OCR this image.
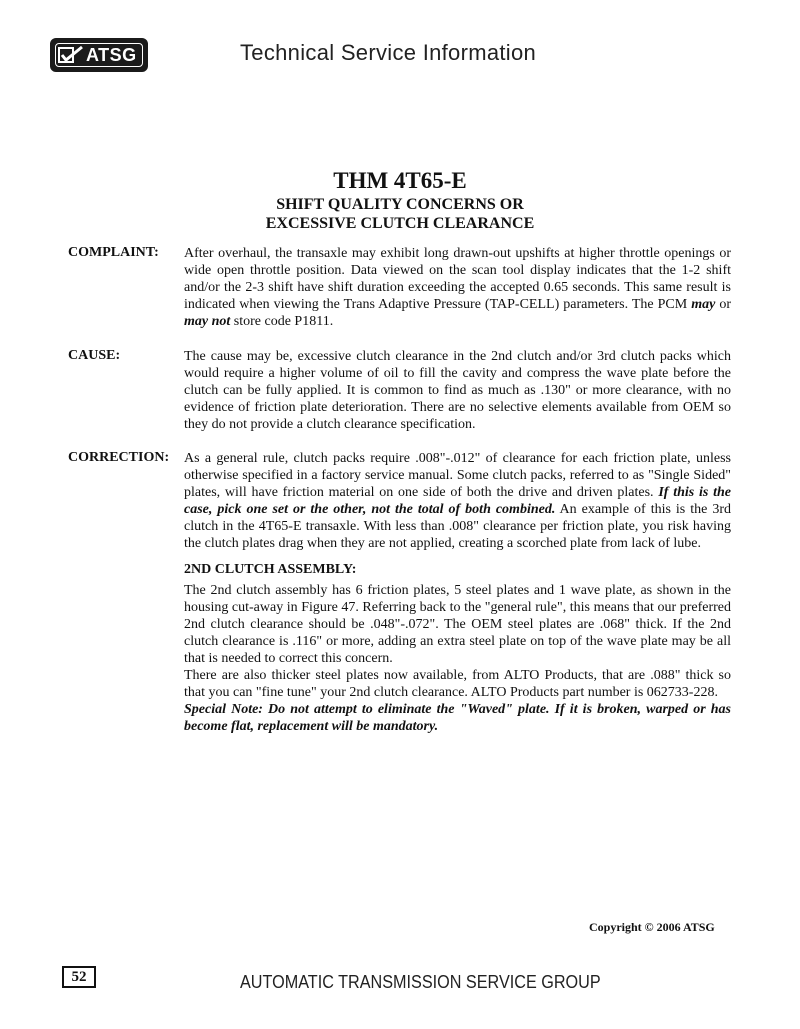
ATSG	Technical Service Information
THM 4T65-E
SHIFT QUALITY CONCERNS OR
EXCESSIVE CLUTCH CLEARANCE
COMPLAINT: After overhaul, the transaxle may exhibit long drawn-out upshifts at higher throttle openings or wide open throttle position. Data viewed on the scan tool display indicates that the 1-2 shift and/or the 2-3 shift have shift duration exceeding the accepted 0.65 seconds. This same result is indicated when viewing the Trans Adaptive Pressure (TAP-CELL) parameters. The PCM may or may not store code P1811.

CAUSE:	The cause may be, excessive clutch clearance in the 2nd clutch and/or 3rd clutch packs which would require a higher volume of oil to fill the cavity and compress the wave plate before the clutch can be fully applied. It is common to find as much as .130" or more clearance, with no evidence of friction plate deterioration. There are no selective elements available from OEM so they do not provide a clutch clearance specification.

CORRECTION: As a general rule, clutch packs require .008"-.012" of clearance for each friction plate, unless otherwise specified in a factory service manual. Some clutch packs, referred to as "Single Sided" plates, will have friction material on one side of both the drive and driven plates. If this is the case, pick one set or the other, not the total of both combined. An example of this is the 3rd clutch in the 4T65-E transaxle. With less than .008" clearance per friction plate, you risk having the clutch plates drag when they are not applied, creating a scorched plate from lack of lube.

2ND CLUTCH ASSEMBLY:

The 2nd clutch assembly has 6 friction plates, 5 steel plates and 1 wave plate, as shown in the housing cut-away in Figure 47. Referring back to the "general rule", this means that our preferred 2nd clutch clearance should be .048"-.072". The OEM steel plates are .068" thick. If the 2nd clutch clearance is .116" or more, adding an extra steel plate on top of the wave plate may be all that is needed to correct this concern.

There are also thicker steel plates now available, from ALTO Products, that are .088" thick so that you can "fine tune" your 2nd clutch clearance. ALTO Products part number is 062733-228.

Special Note: Do not attempt to eliminate the "Waved" plate. If it is broken, warped or has become flat, replacement will be mandatory.

Copyright © 2006 ATSG
52	AUTOMATIC TRANSMISSION SERVICE GROUP
